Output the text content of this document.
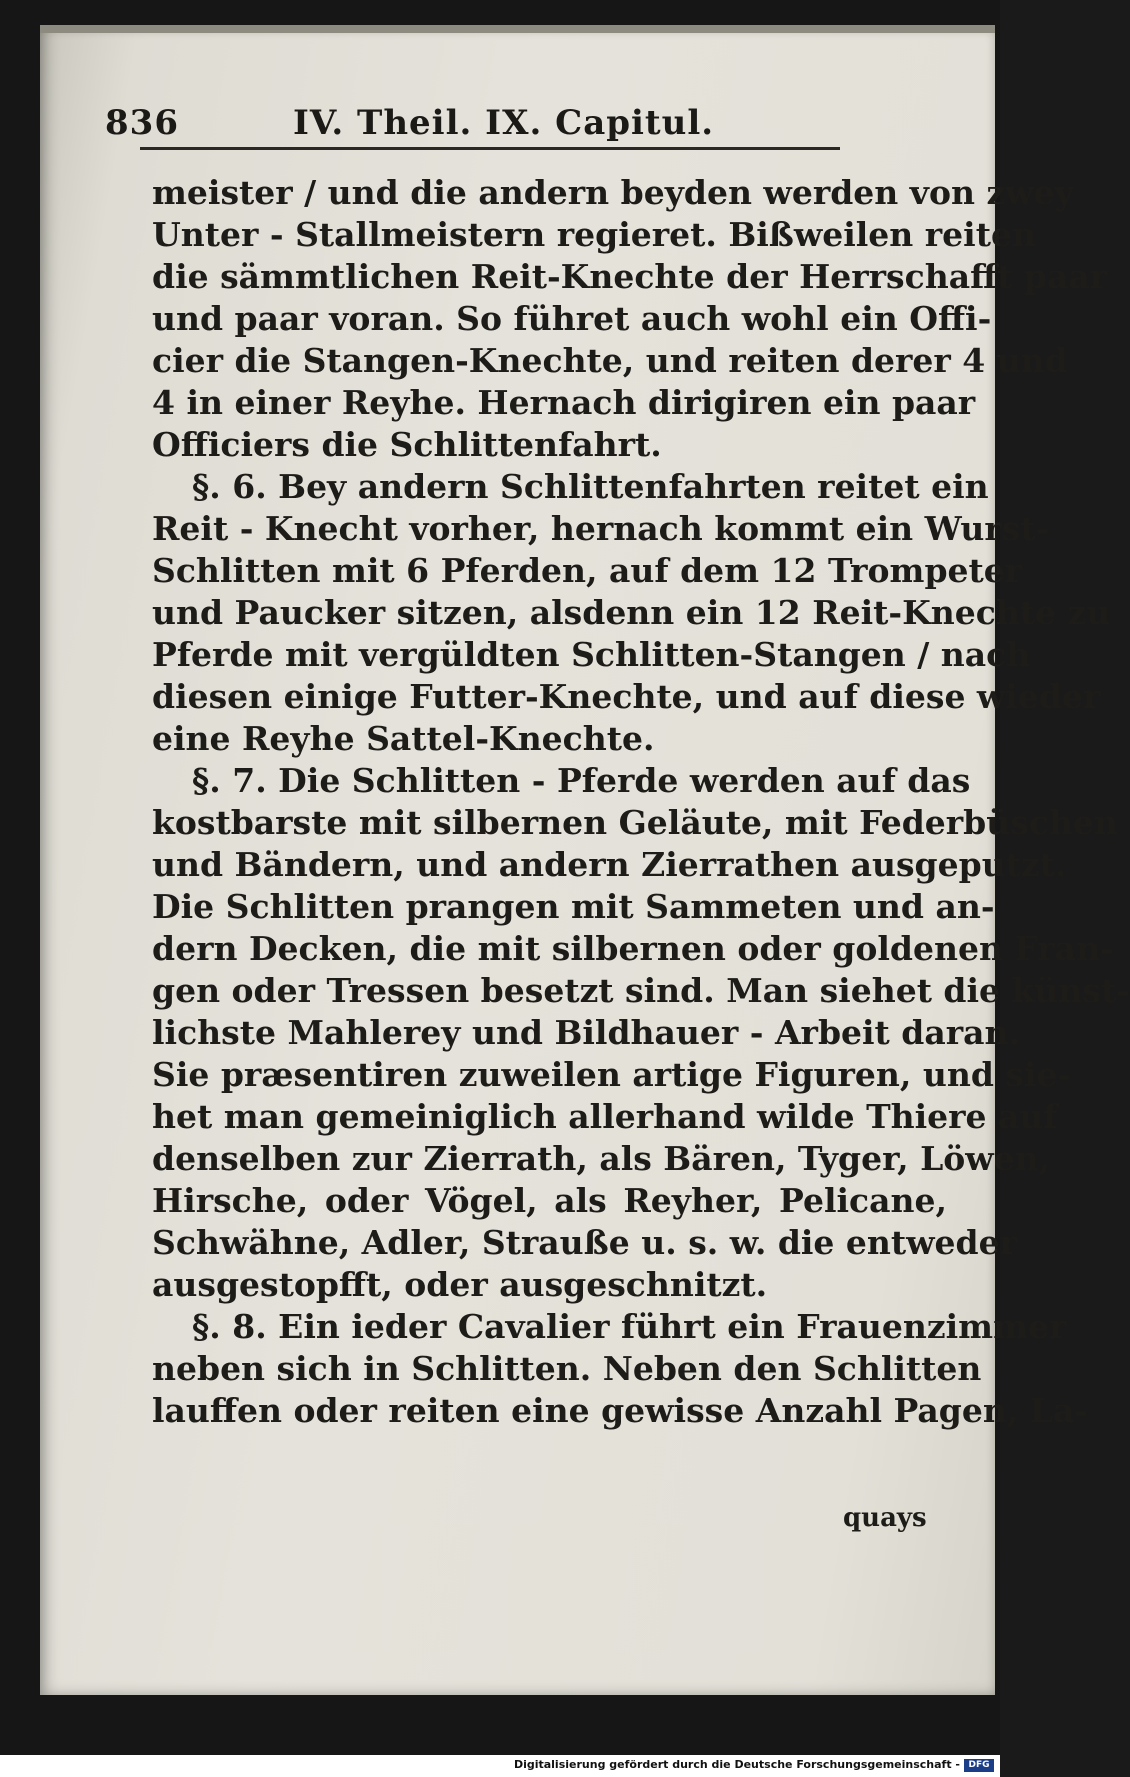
836	IV. Theil. IX. Capitul.
meister / und die andern beyden werden von zwey
Unter - Stallmeistern regieret. Bißweilen reiten
die sämmtlichen Reit-Knechte der Herrschafft paar
und paar voran. So führet auch wohl ein Offi-
cier die Stangen-Knechte, und reiten derer 4 und
4 in einer Reyhe. Hernach dirigiren ein paar
Officiers die Schlittenfahrt.
§. 6. Bey andern Schlittenfahrten reitet ein
Reit - Knecht vorher, hernach kommt ein Wurst-
Schlitten mit 6 Pferden, auf dem 12 Trompeter
und Paucker sitzen, alsdenn ein 12 Reit-Knechte zu
Pferde mit vergüldten Schlitten-Stangen / nach
diesen einige Futter-Knechte, und auf diese wieder
eine Reyhe Sattel-Knechte.
§. 7. Die Schlitten - Pferde werden auf das
kostbarste mit silbernen Geläute, mit Federbüschen
und Bändern, und andern Zierrathen ausgeputzt.
Die Schlitten prangen mit Sammeten und an-
dern Decken, die mit silbernen oder goldenen Fran-
gen oder Tressen besetzt sind. Man siehet die künst-
lichste Mahlerey und Bildhauer - Arbeit daran.
Sie præsentiren zuweilen artige Figuren, und sie-
het man gemeiniglich allerhand wilde Thiere auf
denselben zur Zierrath, als Bären, Tyger, Löwen,
Hirsche, oder Vögel, als Reyher, Pelicane,
Schwähne, Adler, Strauße u. s. w. die entweder
ausgestopfft, oder ausgeschnitzt.
§. 8. Ein ieder Cavalier führt ein Frauenzimmer
neben sich in Schlitten. Neben den Schlitten
lauffen oder reiten eine gewisse Anzahl Pagen, La-
quays
Digitalisierung gefördert durch die Deutsche Forschungsgemeinschaft - DFG
